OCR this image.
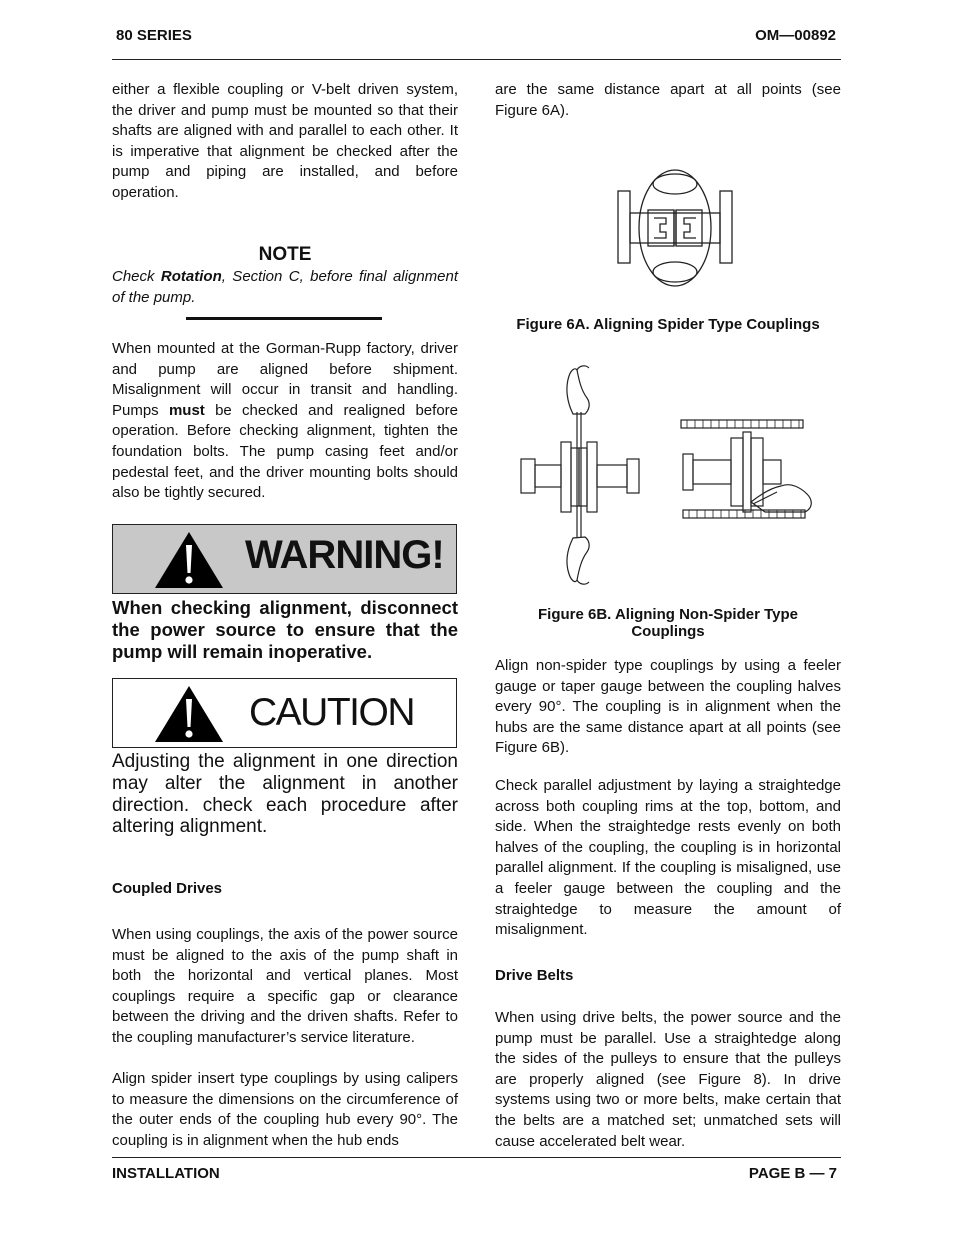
80 SERIES	OM—00892

either a flexible coupling or V-belt driven system, the driver and pump must be mounted so that their shafts are aligned with and parallel to each other. It is imperative that alignment be checked after the pump and piping are installed, and before operation.

NOTE

Check Rotation, Section C, before final alignment of the pump.

When mounted at the Gorman-Rupp factory, driver and pump are aligned before shipment. Misalignment will occur in transit and handling. Pumps must be checked and realigned before operation. Before checking alignment, tighten the foundation bolts. The pump casing feet and/or pedestal feet, and the driver mounting bolts should also be tightly secured.

WARNING!
When checking alignment, disconnect the power source to ensure that the pump will remain inoperative.
CAUTION
Adjusting the alignment in one direction may alter the alignment in another direction. check each procedure after altering alignment.
Coupled Drives

When using couplings, the axis of the power source must be aligned to the axis of the pump shaft in both the horizontal and vertical planes. Most couplings require a specific gap or clearance between the driving and the driven shafts. Refer to the coupling manufacturer’s service literature.

Align spider insert type couplings by using calipers to measure the dimensions on the circumference of the outer ends of the coupling hub every 90°. The coupling is in alignment when the hub ends

are the same distance apart at all points (see Figure 6A).

Figure 6A. Aligning Spider Type Couplings
Figure 6B. Aligning Non-Spider Type
Couplings

Align non-spider type couplings by using a feeler gauge or taper gauge between the coupling halves every 90°. The coupling is in alignment when the hubs are the same distance apart at all points (see Figure 6B).

Check parallel adjustment by laying a straightedge across both coupling rims at the top, bottom, and side. When the straightedge rests evenly on both halves of the coupling, the coupling is in horizontal parallel alignment. If the coupling is misaligned, use a feeler gauge between the coupling and the straightedge to measure the amount of misalignment.

Drive Belts

When using drive belts, the power source and the pump must be parallel. Use a straightedge along the sides of the pulleys to ensure that the pulleys are properly aligned (see Figure 8). In drive systems using two or more belts, make certain that the belts are a matched set; unmatched sets will cause accelerated belt wear.

INSTALLATION	PAGE B — 7
